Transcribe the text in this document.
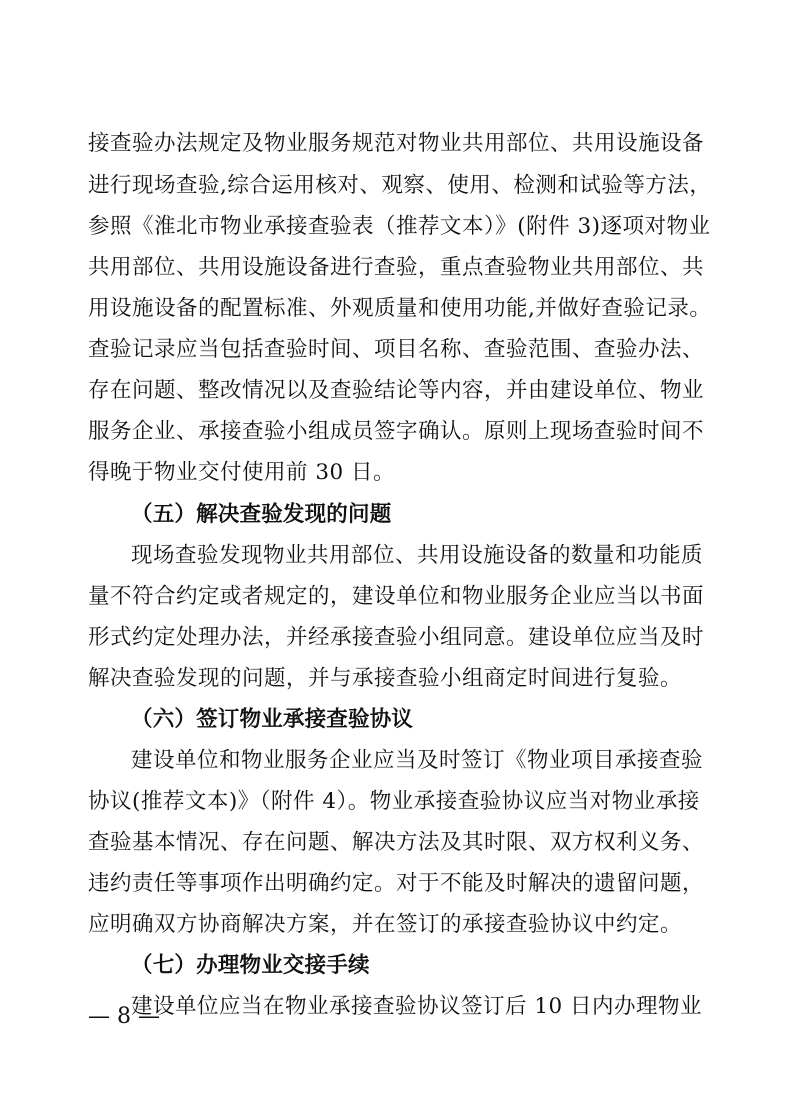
接查验办法规定及物业服务规范对物业共用部位、共用设施设备
进行现场查验,综合运用核对、观察、使用、检测和试验等方法，
参照《淮北市物业承接查验表（推荐文本）》(附件 3)逐项对物业
共用部位、共用设施设备进行查验，重点查验物业共用部位、共
用设施设备的配置标准、外观质量和使用功能,并做好查验记录。
查验记录应当包括查验时间、项目名称、查验范围、查验办法、
存在问题、整改情况以及查验结论等内容，并由建设单位、物业
服务企业、承接查验小组成员签字确认。原则上现场查验时间不
得晚于物业交付使用前 30 日。
（五）解决查验发现的问题
现场查验发现物业共用部位、共用设施设备的数量和功能质
量不符合约定或者规定的，建设单位和物业服务企业应当以书面
形式约定处理办法，并经承接查验小组同意。建设单位应当及时
解决查验发现的问题，并与承接查验小组商定时间进行复验。
（六）签订物业承接查验协议
建设单位和物业服务企业应当及时签订《物业项目承接查验
协议(推荐文本)》（附件 4）。物业承接查验协议应当对物业承接
查验基本情况、存在问题、解决方法及其时限、双方权利义务、
违约责任等事项作出明确约定。对于不能及时解决的遗留问题，
应明确双方协商解决方案，并在签订的承接查验协议中约定。
（七）办理物业交接手续
建设单位应当在物业承接查验协议签订后 10 日内办理物业
— 8 —
